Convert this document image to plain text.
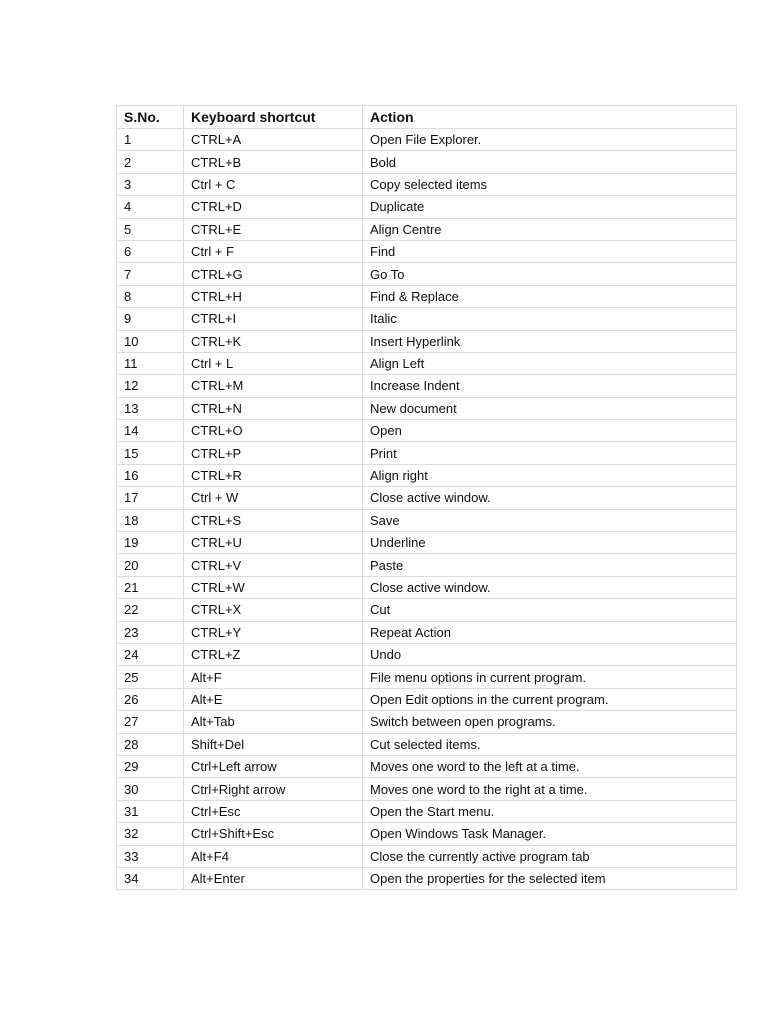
S.No.	Keyboard shortcut	Action
1	CTRL+A	Open File Explorer.
2	CTRL+B	Bold
3	Ctrl + C	Copy selected items
4	CTRL+D	Duplicate
5	CTRL+E	Align Centre
6	Ctrl + F	Find
7	CTRL+G	Go To
8	CTRL+H	Find & Replace
9	CTRL+I	Italic
10	CTRL+K	Insert Hyperlink
11	Ctrl + L	Align Left
12	CTRL+M	Increase Indent
13	CTRL+N	New document
14	CTRL+O	Open
15	CTRL+P	Print
16	CTRL+R	Align right
17	Ctrl + W	Close active window.
18	CTRL+S	Save
19	CTRL+U	Underline
20	CTRL+V	Paste
21	CTRL+W	Close active window.
22	CTRL+X	Cut
23	CTRL+Y	Repeat Action
24	CTRL+Z	Undo
25	Alt+F	File menu options in current program.
26	Alt+E	Open Edit options in the current program.
27	Alt+Tab	Switch between open programs.
28	Shift+Del	Cut selected items.
29	Ctrl+Left arrow	Moves one word to the left at a time.
30	Ctrl+Right arrow	Moves one word to the right at a time.
31	Ctrl+Esc	Open the Start menu.
32	Ctrl+Shift+Esc	Open Windows Task Manager.
33	Alt+F4	Close the currently active program tab
34	Alt+Enter	Open the properties for the selected item
